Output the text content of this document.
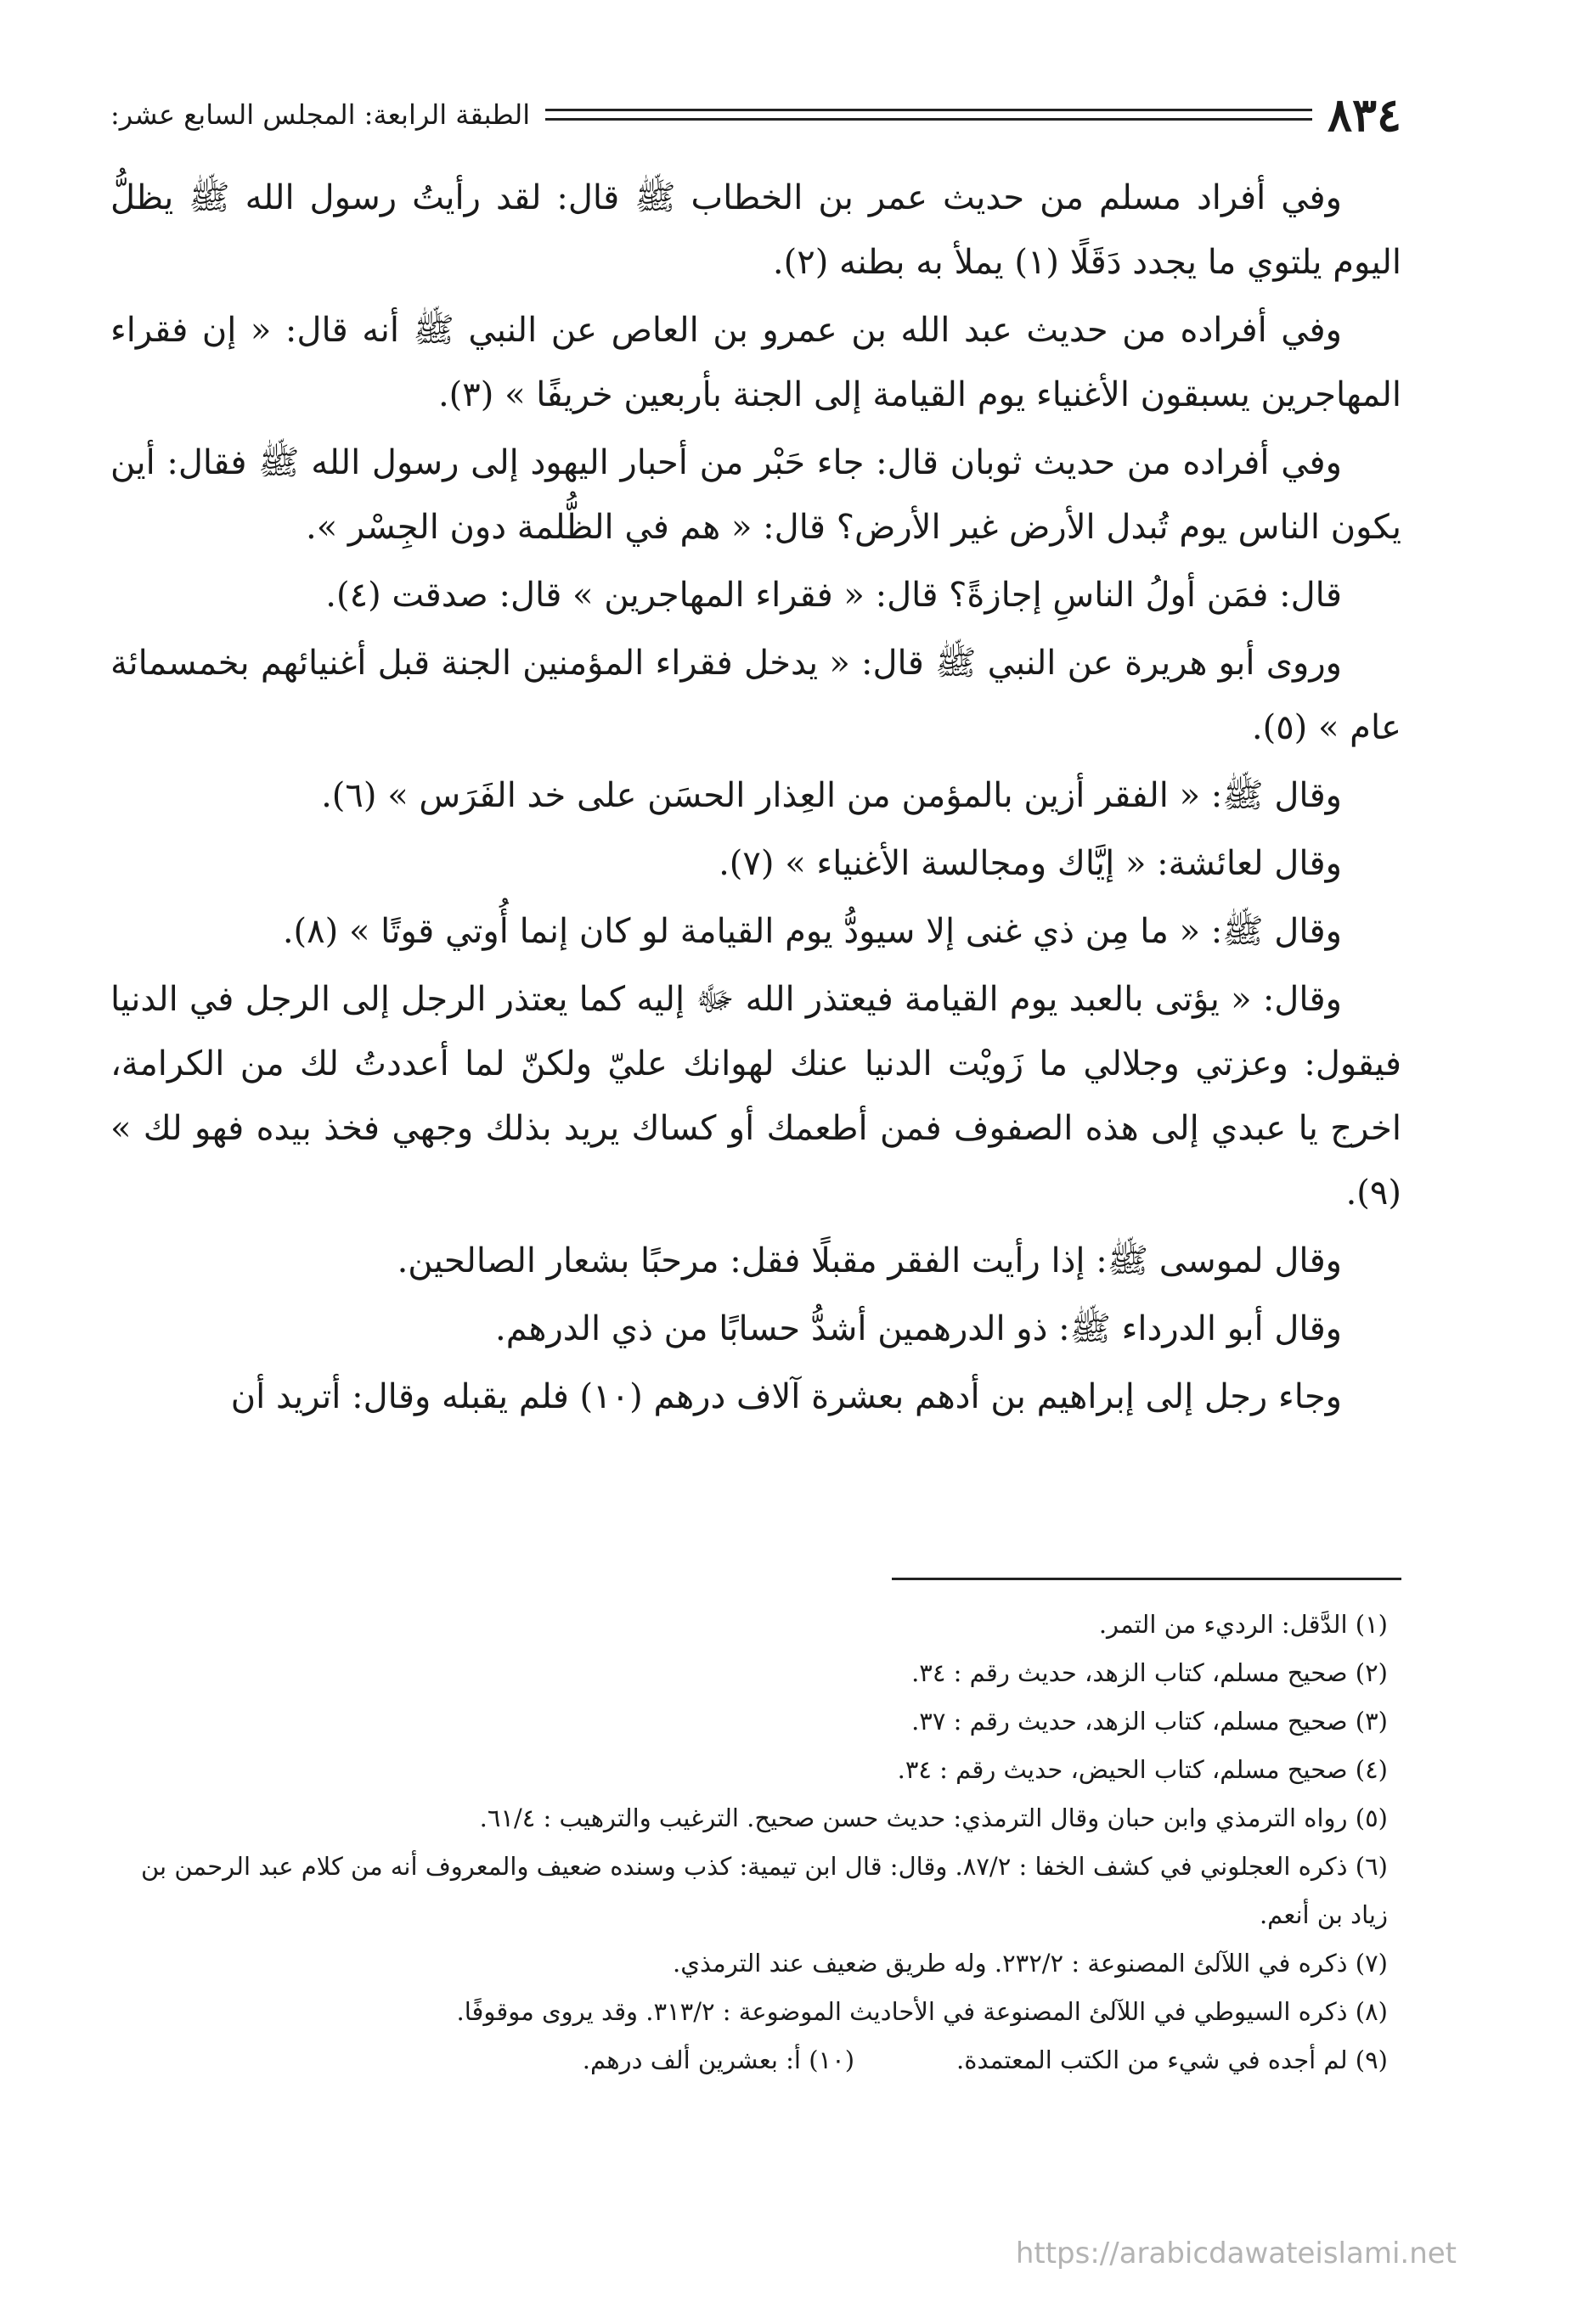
٨٣٤
الطبقة الرابعة: المجلس السابع عشر:

وفي أفراد مسلم من حديث عمر بن الخطاب ﷺ قال: لقد رأيتُ رسول الله ﷺ يظلُّ اليوم يلتوي ما يجدد دَقَلًا (١) يملأ به بطنه (٢).

وفي أفراده من حديث عبد الله بن عمرو بن العاص عن النبي ﷺ أنه قال: « إن فقراء المهاجرين يسبقون الأغنياء يوم القيامة إلى الجنة بأربعين خريفًا » (٣).

وفي أفراده من حديث ثوبان قال: جاء حَبْر من أحبار اليهود إلى رسول الله ﷺ فقال: أين يكون الناس يوم تُبدل الأرض غير الأرض؟ قال: « هم في الظُّلمة دون الجِسْر ».

قال: فمَن أولُ الناسِ إجازةً؟ قال: « فقراء المهاجرين » قال: صدقت (٤).

وروى أبو هريرة عن النبي ﷺ قال: « يدخل فقراء المؤمنين الجنة قبل أغنيائهم بخمسمائة عام » (٥).

وقال ﷺ: « الفقر أزين بالمؤمن من العِذار الحسَن على خد الفَرَس » (٦).

وقال لعائشة: « إيَّاك ومجالسة الأغنياء » (٧).

وقال ﷺ: « ما مِن ذي غنى إلا سيودُّ يوم القيامة لو كان إنما أُوتي قوتًا » (٨).

وقال: « يؤتى بالعبد يوم القيامة فيعتذر الله ﷻ إليه كما يعتذر الرجل إلى الرجل في الدنيا فيقول: وعزتي وجلالي ما زَويْت الدنيا عنك لهوانك عليّ ولكنّ لما أعددتُ لك من الكرامة، اخرج يا عبدي إلى هذه الصفوف فمن أطعمك أو كساك يريد بذلك وجهي فخذ بيده فهو لك » (٩).

وقال لموسى ﷺ: إذا رأيت الفقر مقبلًا فقل: مرحبًا بشعار الصالحين.

وقال أبو الدرداء ﷺ: ذو الدرهمين أشدُّ حسابًا من ذي الدرهم.

وجاء رجل إلى إبراهيم بن أدهم بعشرة آلاف درهم (١٠) فلم يقبله وقال: أتريد أن

(١) الدَّقل: الرديء من التمر.

(٢) صحيح مسلم، كتاب الزهد، حديث رقم : ٣٤.

(٣) صحيح مسلم، كتاب الزهد، حديث رقم : ٣٧.

(٤) صحيح مسلم، كتاب الحيض، حديث رقم : ٣٤.

(٥) رواه الترمذي وابن حبان وقال الترمذي: حديث حسن صحيح. الترغيب والترهيب : ٦١/٤.

(٦) ذكره العجلوني في كشف الخفا : ٨٧/٢. وقال: قال ابن تيمية: كذب وسنده ضعيف والمعروف أنه من كلام عبد الرحمن بن زياد بن أنعم.

(٧) ذكره في اللآلئ المصنوعة : ٢٣٢/٢. وله طريق ضعيف عند الترمذي.

(٨) ذكره السيوطي في اللآلئ المصنوعة في الأحاديث الموضوعة : ٣١٣/٢. وقد يروى موقوفًا.

(٩) لم أجده في شيء من الكتب المعتمدة.
(١٠) أ: بعشرين ألف درهم.
https://arabicdawateislami.net
